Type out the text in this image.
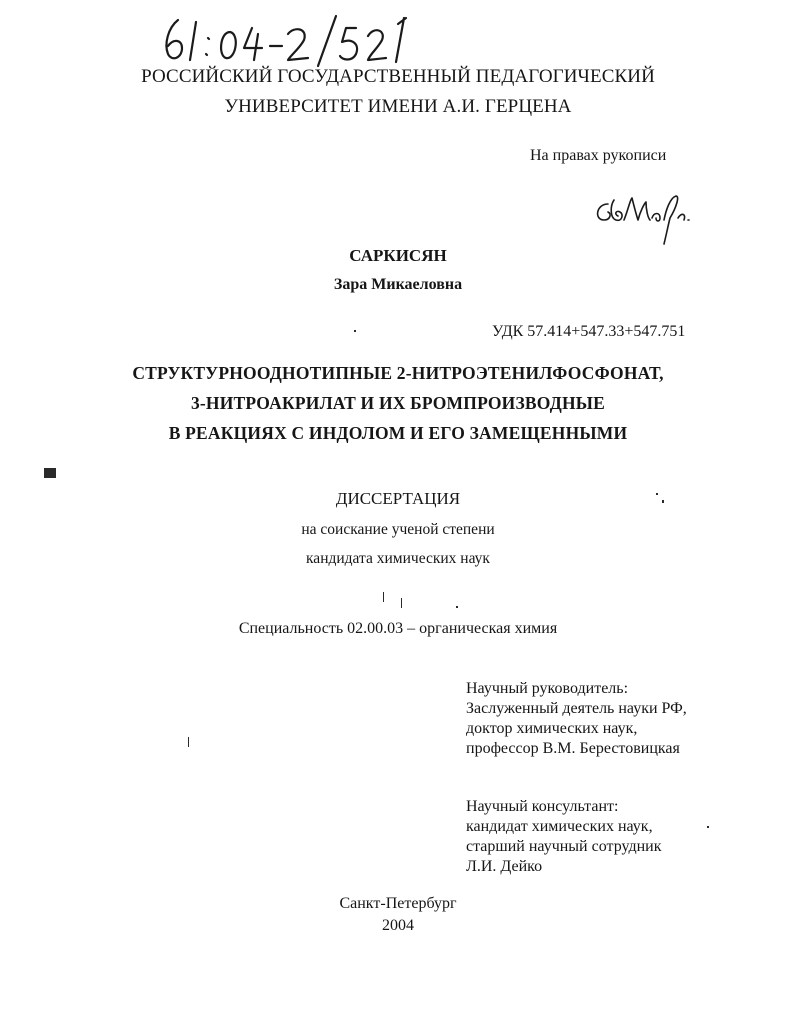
РОССИЙСКИЙ ГОСУДАРСТВЕННЫЙ ПЕДАГОГИЧЕСКИЙ
УНИВЕРСИТЕТ ИМЕНИ А.И. ГЕРЦЕНА
На правах рукописи
САРКИСЯН
Зара Микаеловна
УДК 57.414+547.33+547.751
СТРУКТУРНООДНОТИПНЫЕ 2-НИТРОЭТЕНИЛФОСФОНАТ,
3-НИТРОАКРИЛАТ И ИХ БРОМПРОИЗВОДНЫЕ
В РЕАКЦИЯХ С ИНДОЛОМ И ЕГО ЗАМЕЩЕННЫМИ
ДИССЕРТАЦИЯ
на соискание ученой степени
кандидата химических наук
Специальность 02.00.03 – органическая химия
Научный руководитель:
Заслуженный деятель науки РФ,
доктор химических наук,
профессор В.М. Берестовицкая
Научный консультант:
кандидат химических наук,
старший научный сотрудник
Л.И. Дейко
Санкт-Петербург
2004
